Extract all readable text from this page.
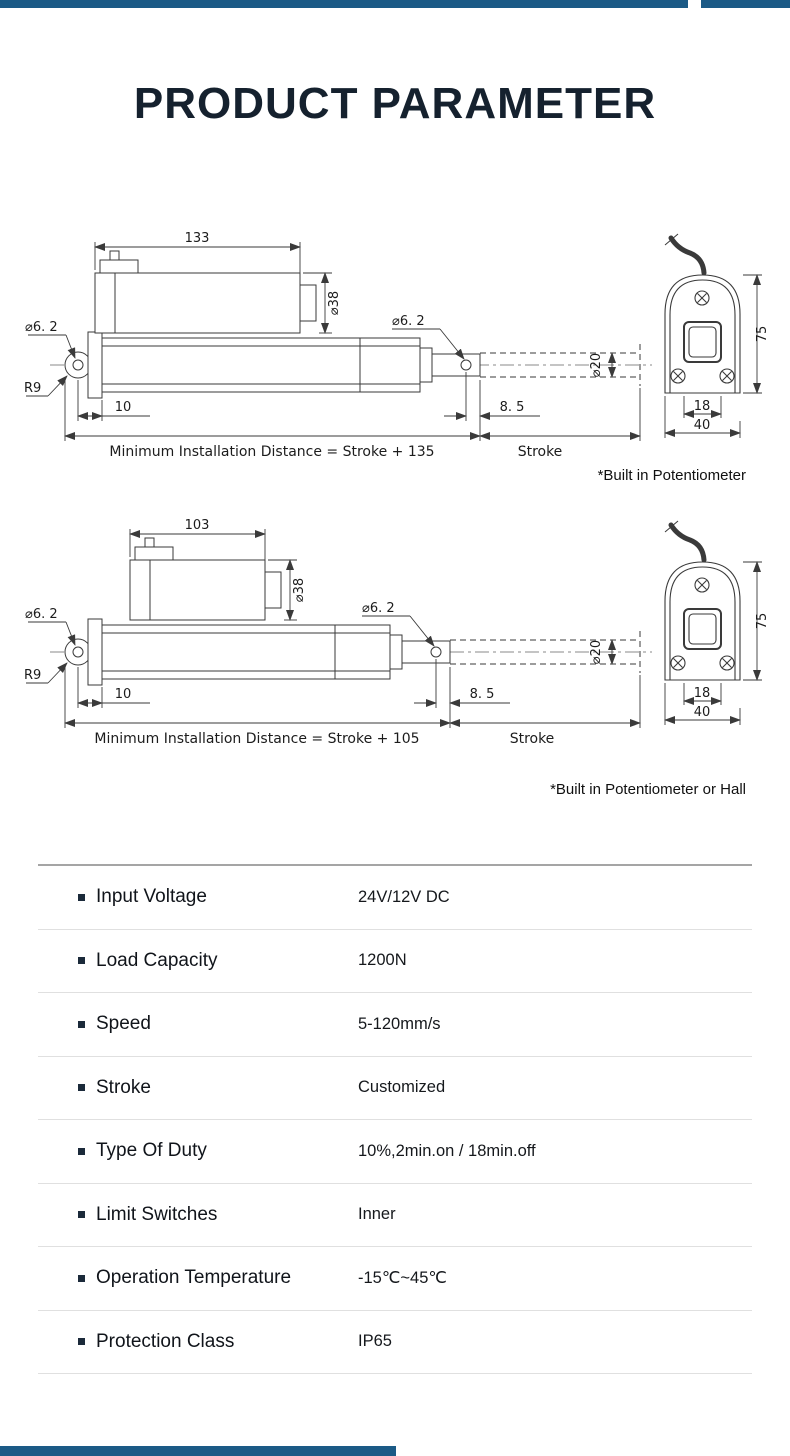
PRODUCT PARAMETER
133
⌀38
⌀6. 2
R9
⌀6. 2
10	8. 5
⌀20
Minimum Installation Distance = Stroke + 135	Stroke
75
18
40
*Built in Potentiometer
103
⌀38
⌀6. 2
R9
⌀6. 2
10	8. 5
⌀20
Minimum Installation Distance = Stroke + 105	Stroke
75
18
40
*Built in Potentiometer or Hall
Input Voltage	24V/12V DC
Load Capacity	1200N
Speed	5-120mm/s
Stroke	Customized
Type Of Duty	10%,2min.on / 18min.off
Limit Switches	Inner
Operation Temperature	-15℃~45℃
Protection Class	IP65
